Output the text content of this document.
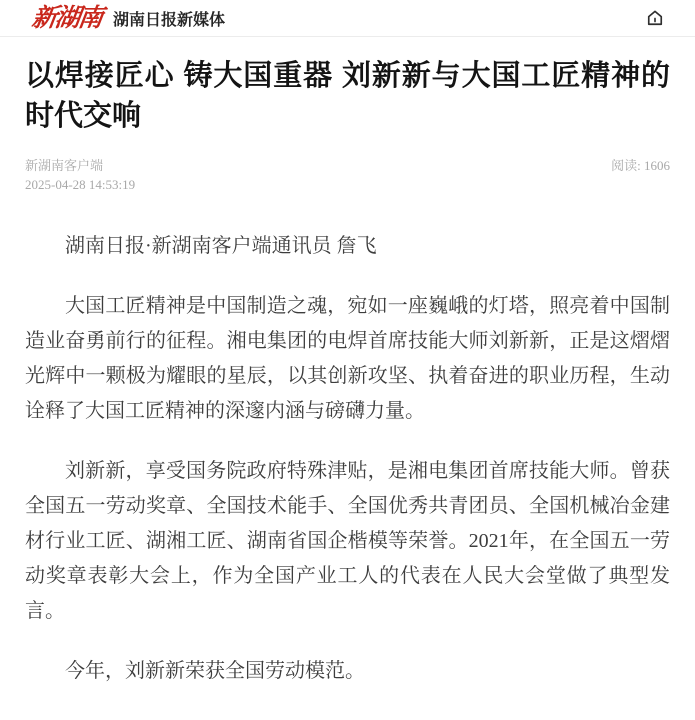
新湖南 湖南日报新媒体
以焊接匠心 铸大国重器 刘新新与大国工匠精神的时代交响
新湖南客户端
2025-04-28 14:53:19
阅读: 1606

湖南日报·新湖南客户端通讯员 詹飞

大国工匠精神是中国制造之魂，宛如一座巍峨的灯塔，照亮着中国制造业奋勇前行的征程。湘电集团的电焊首席技能大师刘新新，正是这熠熠光辉中一颗极为耀眼的星辰，以其创新攻坚、执着奋进的职业历程，生动诠释了大国工匠精神的深邃内涵与磅礴力量。

刘新新，享受国务院政府特殊津贴，是湘电集团首席技能大师。曾获全国五一劳动奖章、全国技术能手、全国优秀共青团员、全国机械冶金建材行业工匠、湖湘工匠、湖南省国企楷模等荣誉。2021年，在全国五一劳动奖章表彰大会上，作为全国产业工人的代表在人民大会堂做了典型发言。

今年，刘新新荣获全国劳动模范。
